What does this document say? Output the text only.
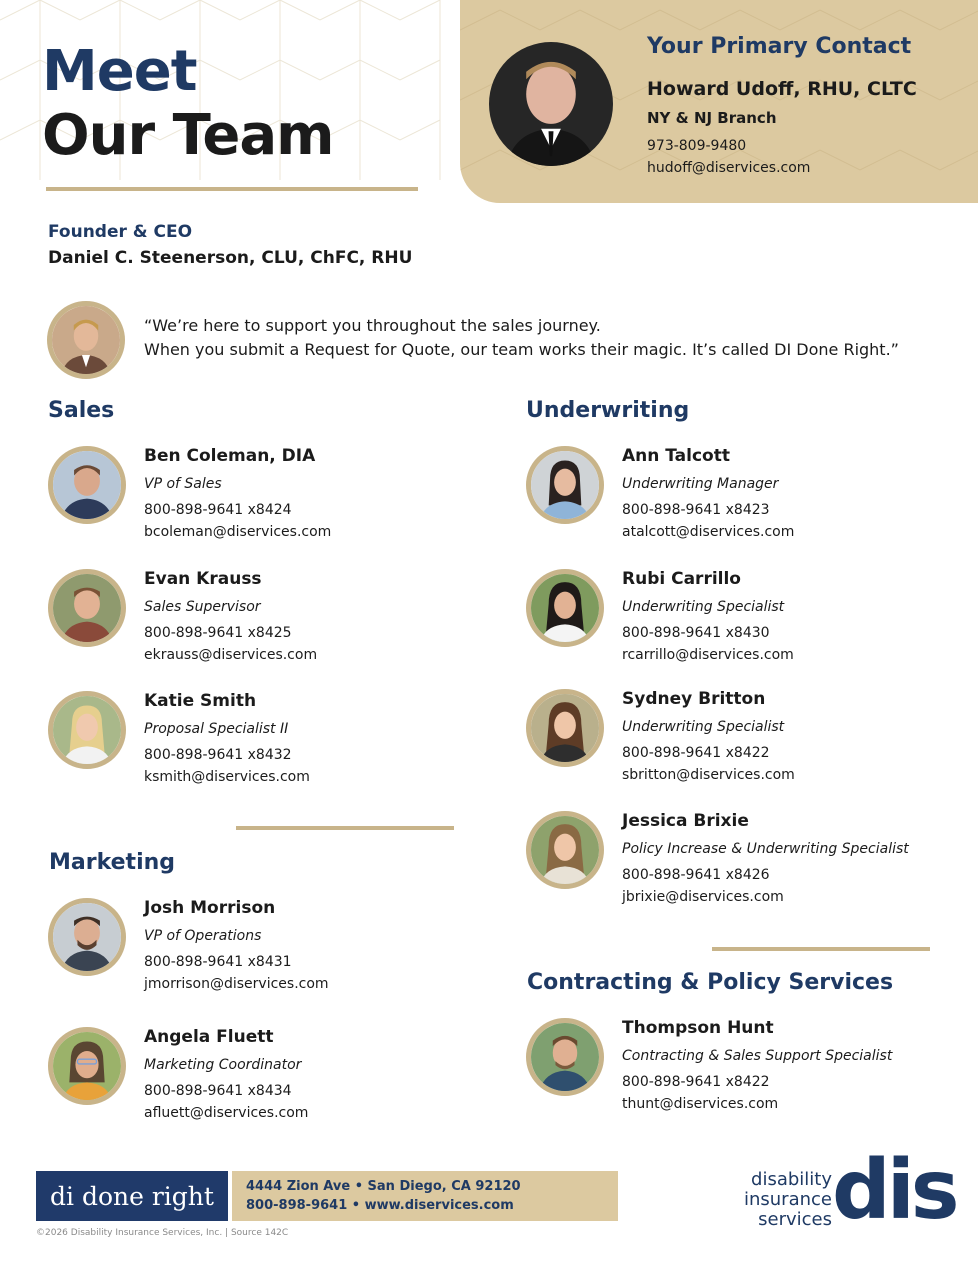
Meet
Our Team
Your Primary Contact
Howard Udoff, RHU, CLTC
NY & NJ Branch
973-809-9480
hudoff@diservices.com
Founder & CEO
Daniel C. Steenerson, CLU, ChFC, RHU
“We’re here to support you throughout the sales journey.
When you submit a Request for Quote, our team works their magic. It’s called DI Done Right.”
Sales
Ben Coleman, DIA
VP of Sales
800-898-9641 x8424
bcoleman@diservices.com
Evan Krauss
Sales Supervisor
800-898-9641 x8425
ekrauss@diservices.com
Katie Smith
Proposal Specialist II
800-898-9641 x8432
ksmith@diservices.com
Marketing
Josh Morrison
VP of Operations
800-898-9641 x8431
jmorrison@diservices.com
Angela Fluett
Marketing Coordinator
800-898-9641 x8434
afluett@diservices.com
Underwriting
Ann Talcott
Underwriting Manager
800-898-9641 x8423
atalcott@diservices.com
Rubi Carrillo
Underwriting Specialist
800-898-9641 x8430
rcarrillo@diservices.com
Sydney Britton
Underwriting Specialist
800-898-9641 x8422
sbritton@diservices.com
Jessica Brixie
Policy Increase & Underwriting Specialist
800-898-9641 x8426
jbrixie@diservices.com
Contracting & Policy Services
Thompson Hunt
Contracting & Sales Support Specialist
800-898-9641 x8422
thunt@diservices.com
di done right	4444 Zion Ave • San Diego, CA 92120
800-898-9641 • www.diservices.com
©2026 Disability Insurance Services, Inc. | Source 142C
disability
insurance
services dis
